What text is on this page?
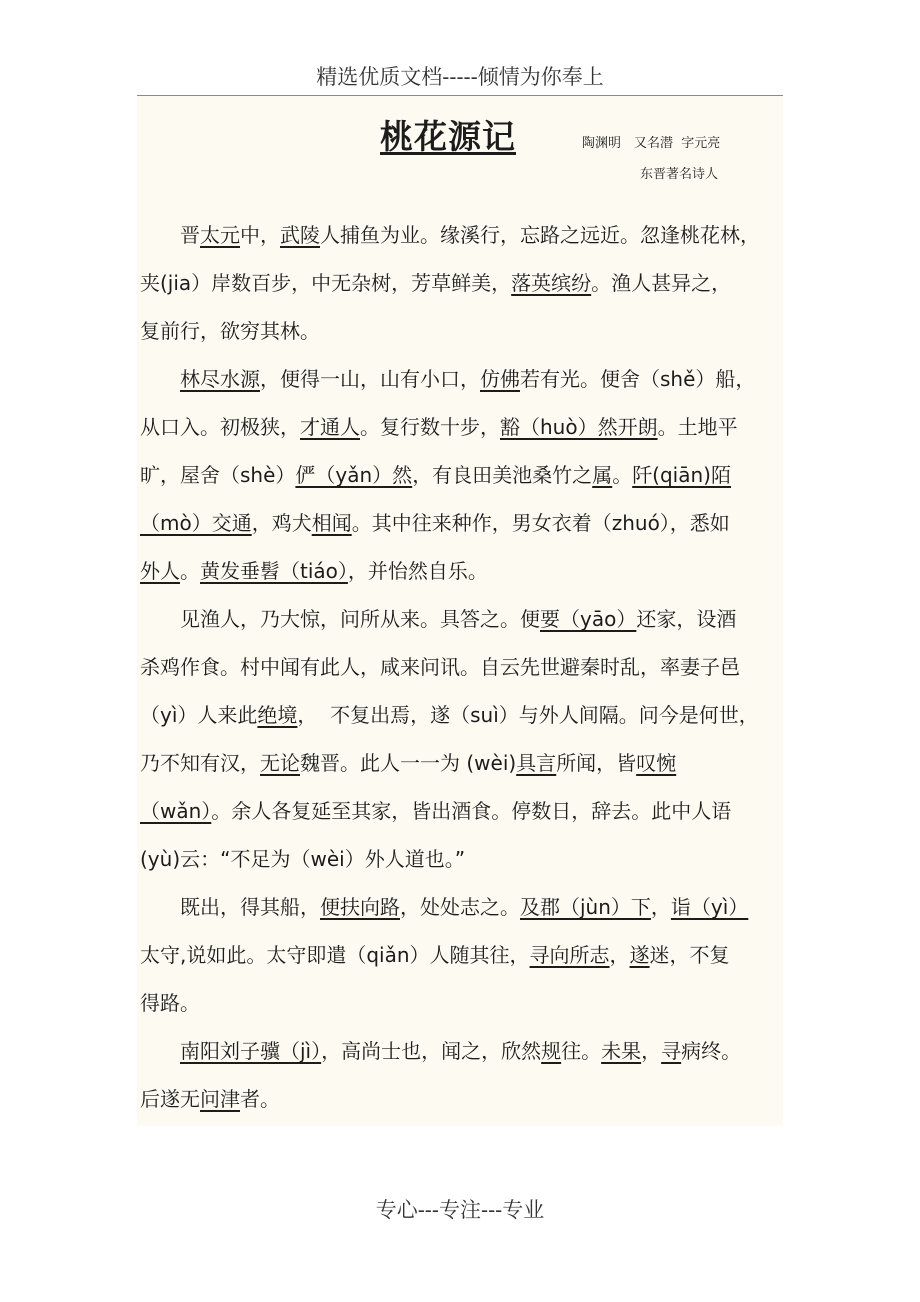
精选优质文档-----倾情为你奉上
桃花源记	陶渊明　又名潜  字元亮
东晋著名诗人
晋太元中，武陵人捕鱼为业。缘溪行，忘路之远近。忽逢桃花林，
夹(jia）岸数百步，中无杂树，芳草鲜美，落英缤纷。渔人甚异之，
复前行，欲穷其林。
林尽水源，便得一山，山有小口，仿佛若有光。便舍（shě）船，
从口入。初极狭，才通人。复行数十步，豁（huò）然开朗。土地平
旷，屋舍（shè）俨（yǎn）然，有良田美池桑竹之属。阡(qiān)陌
（mò）交通，鸡犬相闻。其中往来种作，男女衣着（zhuó），悉如
外人。黄发垂髫（tiáo），并怡然自乐。
见渔人，乃大惊，问所从来。具答之。便要（yāo）还家，设酒
杀鸡作食。村中闻有此人，咸来问讯。自云先世避秦时乱，率妻子邑
（yì）人来此绝境，  不复出焉，遂（suì）与外人间隔。问今是何世，
乃不知有汉，无论魏晋。此人一一为 (wèi)具言所闻，皆叹惋
（wǎn）。余人各复延至其家，皆出酒食。停数日，辞去。此中人语
(yù)云：“不足为（wèi）外人道也。”
既出，得其船，便扶向路，处处志之。及郡（jùn）下，诣（yì）
太守,说如此。太守即遣（qiǎn）人随其往，寻向所志，遂迷，不复
得路。
南阳刘子骥（jì），高尚士也，闻之，欣然规往。未果，寻病终。
后遂无问津者。
专心---专注---专业
